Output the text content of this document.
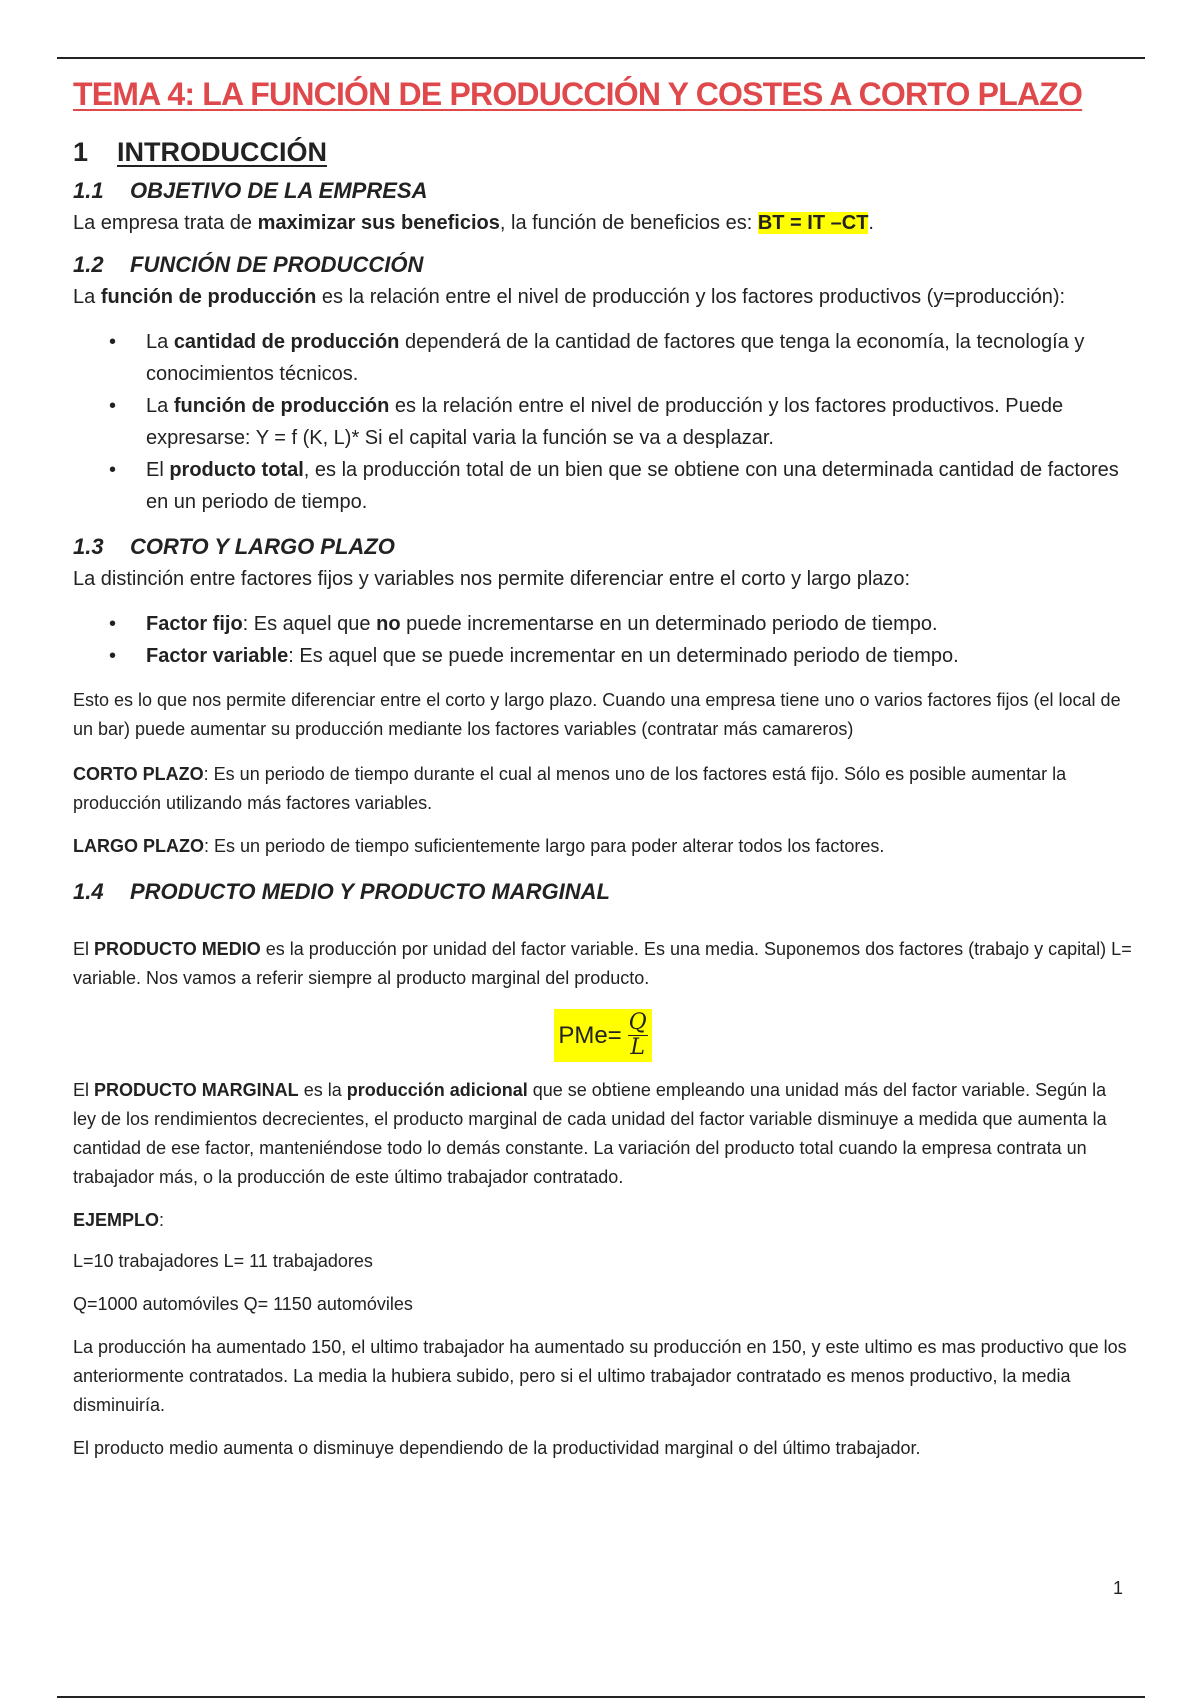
TEMA 4: LA FUNCIÓN DE PRODUCCIÓN Y COSTES A CORTO PLAZO
1	INTRODUCCIÓN
1.1	OBJETIVO DE LA EMPRESA

La empresa trata de maximizar sus beneficios, la función de beneficios es: BT = IT –CT.

1.2	FUNCIÓN DE PRODUCCIÓN

La función de producción es la relación entre el nivel de producción y los factores productivos (y=producción):

• La cantidad de producción dependerá de la cantidad de factores que tenga la economía, la tecnología y conocimientos técnicos.
• La función de producción es la relación entre el nivel de producción y los factores productivos. Puede expresarse: Y = f (K, L)* Si el capital varia la función se va a desplazar.
• El producto total, es la producción total de un bien que se obtiene con una determinada cantidad de factores en un periodo de tiempo.
1.3	CORTO Y LARGO PLAZO

La distinción entre factores fijos y variables nos permite diferenciar entre el corto y largo plazo:

• Factor fijo: Es aquel que no puede incrementarse en un determinado periodo de tiempo.
• Factor variable: Es aquel que se puede incrementar en un determinado periodo de tiempo.

Esto es lo que nos permite diferenciar entre el corto y largo plazo. Cuando una empresa tiene uno o varios factores fijos (el local de un bar) puede aumentar su producción mediante los factores variables (contratar más camareros)

CORTO PLAZO: Es un periodo de tiempo durante el cual al menos uno de los factores está fijo. Sólo es posible aumentar la producción utilizando más factores variables.

LARGO PLAZO: Es un periodo de tiempo suficientemente largo para poder alterar todos los factores.

1.4	PRODUCTO MEDIO Y PRODUCTO MARGINAL

El PRODUCTO MEDIO es la producción por unidad del factor variable. Es una media. Suponemos dos factores (trabajo y capital) L= variable. Nos vamos a referir siempre al producto marginal del producto.

$PMe= \frac{Q}{L}$

El PRODUCTO MARGINAL es la producción adicional que se obtiene empleando una unidad más del factor variable. Según la ley de los rendimientos decrecientes, el producto marginal de cada unidad del factor variable disminuye a medida que aumenta la cantidad de ese factor, manteniéndose todo lo demás constante. La variación del producto total cuando la empresa contrata un trabajador más, o la producción de este último trabajador contratado.

EJEMPLO:

L=10 trabajadores L= 11 trabajadores

Q=1000 automóviles Q= 1150 automóviles

La producción ha aumentado 150, el ultimo trabajador ha aumentado su producción en 150, y este ultimo es mas productivo que los anteriormente contratados. La media la hubiera subido, pero si el ultimo trabajador contratado es menos productivo, la media disminuiría.

El producto medio aumenta o disminuye dependiendo de la productividad marginal o del último trabajador.

1
